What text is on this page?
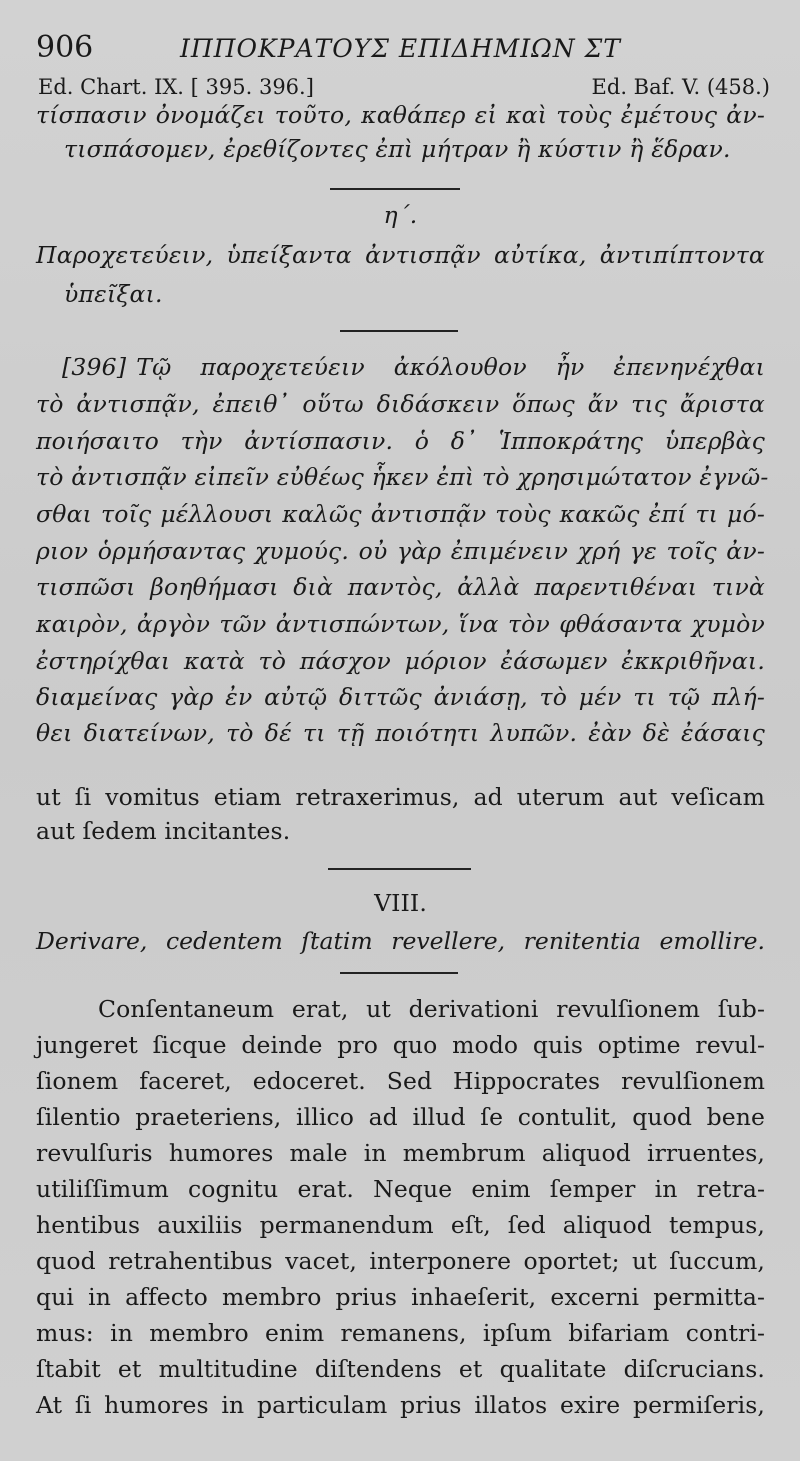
906	ΙΠΠΟΚΡΑΤΟΥΣ ΕΠΙΔΗΜΙΩΝ ΣΤ
Ed. Chart. IX. [ 395. 396.]	Ed. Baf. V. (458.)
τίσπασιν ὀνομάζει τοῦτο, καθάπερ εἰ καὶ τοὺς ἐμέτους ἀν-
τισπάσομεν, ἐρεθίζοντες ἐπὶ μήτραν ἢ κύστιν ἢ ἕδραν.
η΄.
Παροχετεύειν, ὑπείξαντα ἀντισπᾷν αὐτίκα, ἀντιπίπτοντα
ὑπεῖξαι.
[396] Τῷ παροχετεύειν ἀκόλουθον ἦν ἐπενηνέχθαι
τὸ ἀντισπᾷν, ἐπειθ᾽ οὕτω διδάσκειν ὅπως ἄν τις ἄριστα
ποιήσαιτο τὴν ἀντίσπασιν. ὁ δ᾽ Ἱπποκράτης ὑπερβὰς
τὸ ἀντισπᾷν εἰπεῖν εὐθέως ἧκεν ἐπὶ τὸ χρησιμώτατον ἐγνῶ-
σθαι τοῖς μέλλουσι καλῶς ἀντισπᾷν τοὺς κακῶς ἐπί τι μό-
ριον ὁρμήσαντας χυμούς. οὐ γὰρ ἐπιμένειν χρή γε τοῖς ἀν-
τισπῶσι βοηθήμασι διὰ παντὸς, ἀλλὰ παρεντιθέναι τινὰ
καιρὸν, ἀργὸν τῶν ἀντισπώντων, ἵνα τὸν φθάσαντα χυμὸν
ἐστηρίχθαι κατὰ τὸ πάσχον μόριον ἐάσωμεν ἐκκριθῆναι.
διαμείνας γὰρ ἐν αὐτῷ διττῶς ἀνιάσῃ, τὸ μέν τι τῷ πλή-
θει διατείνων, τὸ δέ τι τῇ ποιότητι λυπῶν. ἐὰν δὲ ἐάσαις
ut ſi vomitus etiam retraxerimus, ad uterum aut veſicam
aut ſedem incitantes.
VIII.
Derivare, cedentem ſtatim revellere, renitentia emollire.
Conſentaneum erat, ut derivationi revulſionem ſub-
jungeret ſicque deinde pro quo modo quis optime revul-
ſionem faceret, edoceret. Sed Hippocrates revulſionem
ſilentio praeteriens, illico ad illud ſe contulit, quod bene
revulſuris humores male in membrum aliquod irruentes,
utiliſſimum cognitu erat. Neque enim ſemper in retra-
hentibus auxiliis permanendum eſt, ſed aliquod tempus,
quod retrahentibus vacet, interponere oportet; ut ſuccum,
qui in affecto membro prius inhaeſerit, excerni permitta-
mus: in membro enim remanens, ipſum bifariam contri-
ſtabit et multitudine diſtendens et qualitate diſcrucians.
At ſi humores in particulam prius illatos exire permiſeris,
